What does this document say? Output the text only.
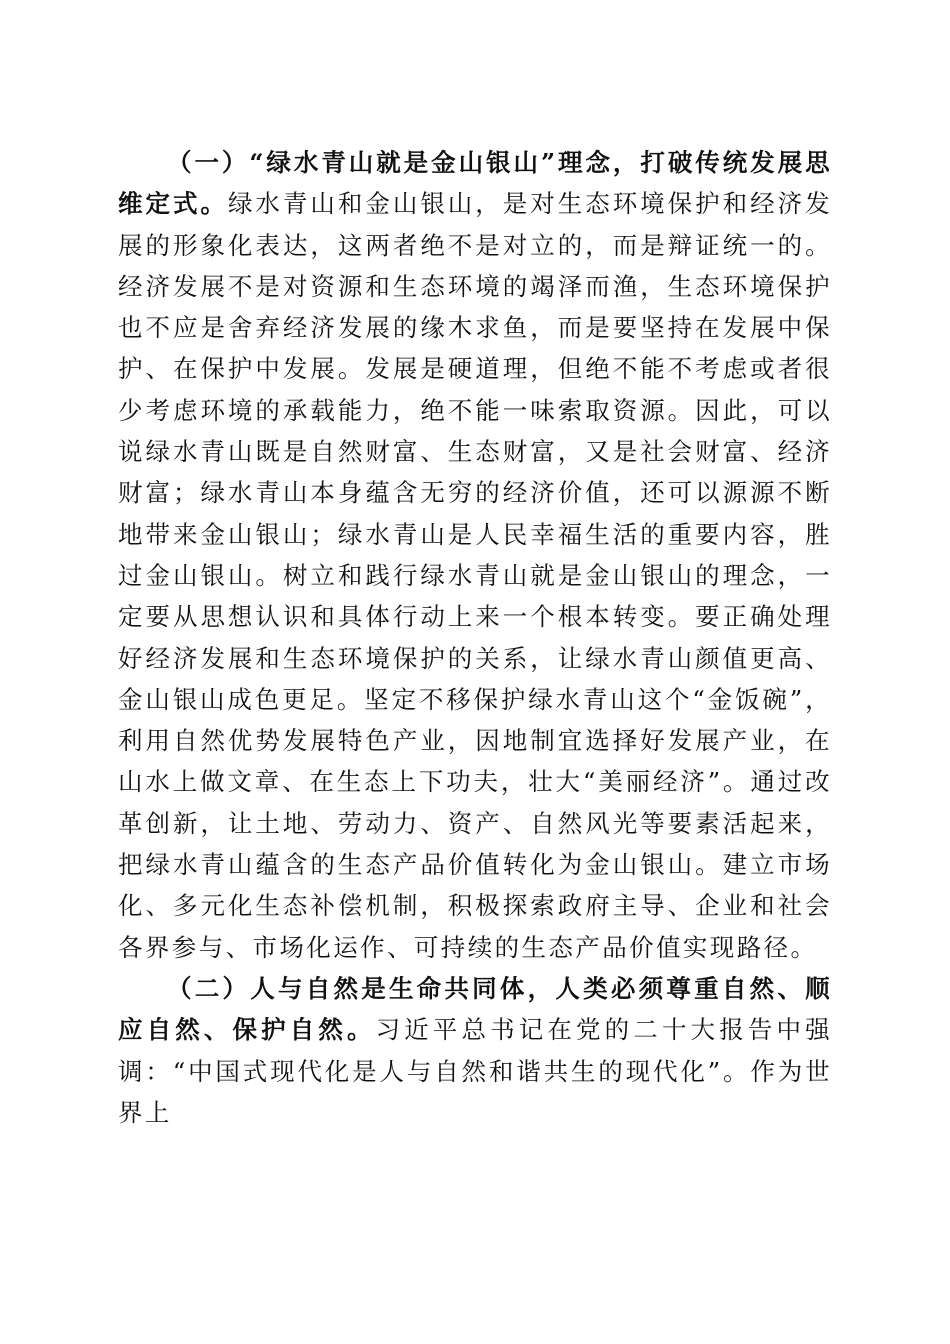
（一）“绿水青山就是金山银山”理念，打破传统发展思维定式。绿水青山和金山银山，是对生态环境保护和经济发展的形象化表达，这两者绝不是对立的，而是辩证统一的。经济发展不是对资源和生态环境的竭泽而渔，生态环境保护也不应是舍弃经济发展的缘木求鱼，而是要坚持在发展中保护、在保护中发展。发展是硬道理，但绝不能不考虑或者很少考虑环境的承载能力，绝不能一味索取资源。因此，可以说绿水青山既是自然财富、生态财富，又是社会财富、经济财富；绿水青山本身蕴含无穷的经济价值，还可以源源不断地带来金山银山；绿水青山是人民幸福生活的重要内容，胜过金山银山。树立和践行绿水青山就是金山银山的理念，一定要从思想认识和具体行动上来一个根本转变。要正确处理好经济发展和生态环境保护的关系，让绿水青山颜值更高、金山银山成色更足。坚定不移保护绿水青山这个“金饭碗”，利用自然优势发展特色产业，因地制宜选择好发展产业，在山水上做文章、在生态上下功夫，壮大“美丽经济”。通过改革创新，让土地、劳动力、资产、自然风光等要素活起来，把绿水青山蕴含的生态产品价值转化为金山银山。建立市场化、多元化生态补偿机制，积极探索政府主导、企业和社会各界参与、市场化运作、可持续的生态产品价值实现路径。

（二）人与自然是生命共同体，人类必须尊重自然、顺应自然、保护自然。习近平总书记在党的二十大报告中强调：“中国式现代化是人与自然和谐共生的现代化”。作为世界上
